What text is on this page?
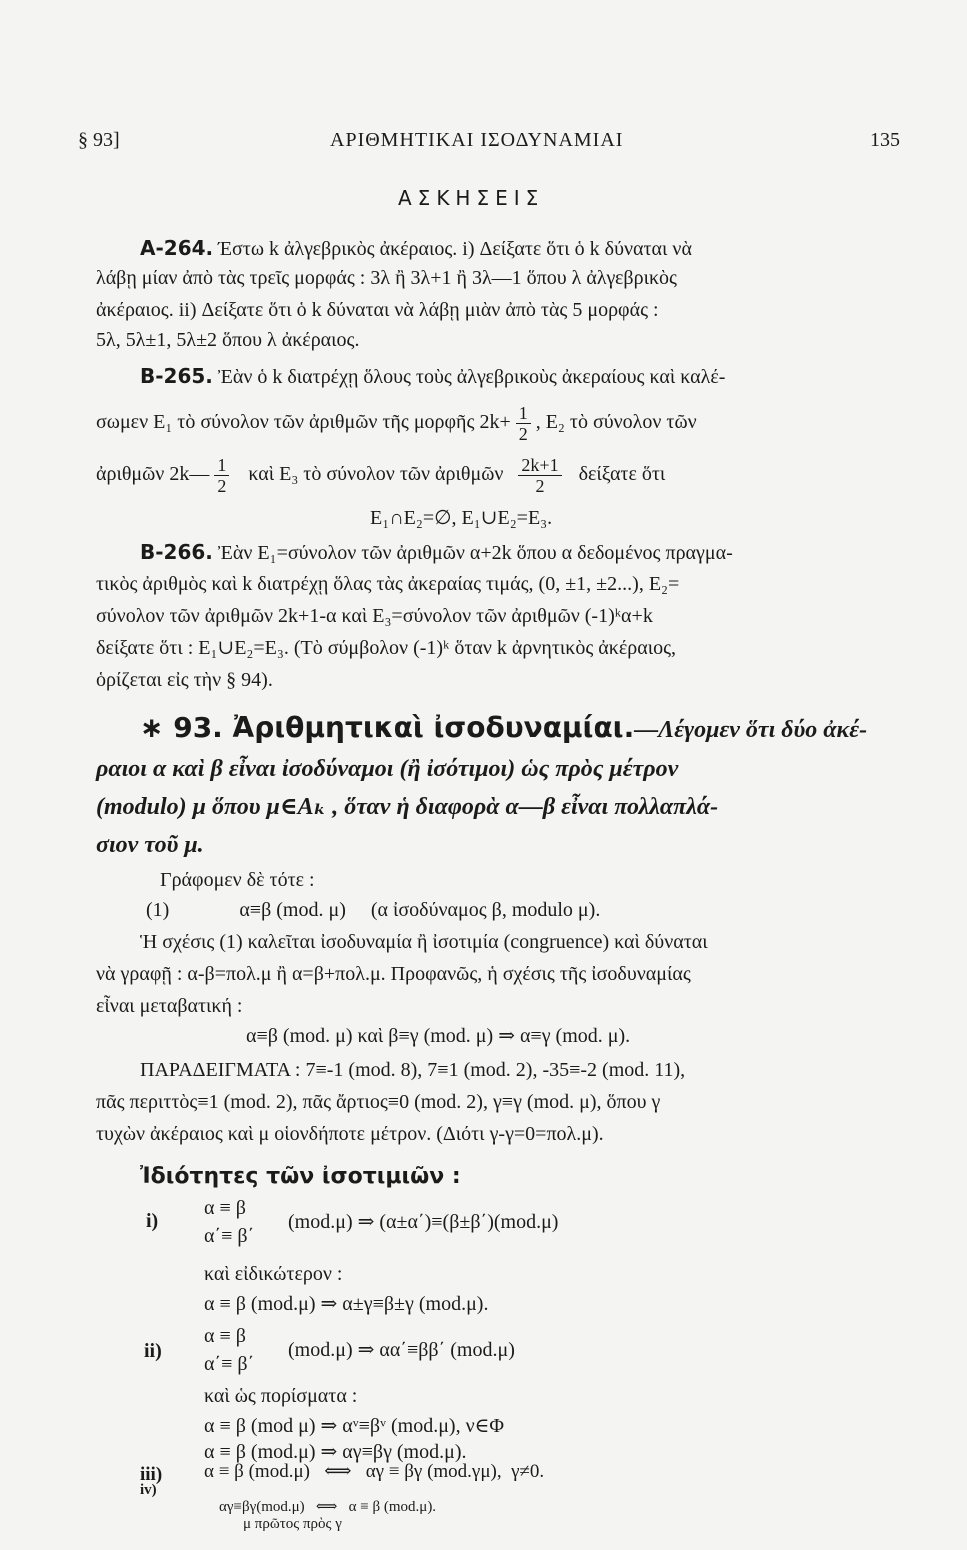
§ 93]	ΑΡΙΘΜΗΤΙΚΑΙ ΙΣΟΔΥΝΑΜΙΑΙ	135
ΑΣΚΗΣΕΙΣ
Α-264. Έστω k ἀλγεβρικὸς ἀκέραιος. i) Δείξατε ὅτι ὁ k δύναται νὰ
λάβῃ μίαν ἀπὸ τὰς τρεῖς μορφάς : 3λ ἢ 3λ+1 ἢ 3λ—1 ὅπου λ ἀλγεβρικὸς
ἀκέραιος. ii) Δείξατε ὅτι ὁ k δύναται νὰ λάβῃ μιὰν ἀπὸ τὰς 5 μορφάς :
5λ, 5λ±1, 5λ±2 ὅπου λ ἀκέραιος.
Β-265. Ἐὰν ὁ k διατρέχῃ ὅλους τοὺς ἀλγεβρικοὺς ἀκεραίους καὶ καλέ-
σωμεν E₁ τὸ σύνολον τῶν ἀριθμῶν τῆς μορφῆς $2k+ \frac{1}{2}$ , E₂ τὸ σύνολον τῶν
ἀριθμῶν 2k— $\frac{1}{2}$ καὶ E₃ τὸ σύνολον τῶν ἀριθμῶν $\frac{2k+1}{2}$ δείξατε ὅτι
E₁∩E₂=∅, E₁∪E₂=E₃.
Β-266. Ἐὰν E₁=σύνολον τῶν ἀριθμῶν α+2k ὅπου α δεδομένος πραγμα-
τικὸς ἀριθμὸς καὶ k διατρέχῃ ὅλας τὰς ἀκεραίας τιμάς, (0, ±1, ±2...), E₂=
σύνολον τῶν ἀριθμῶν 2k+1-α καὶ E₃=σύνολον τῶν ἀριθμῶν (-1)ᵏα+k
δείξατε ὅτι : E₁∪E₂=E₃. (Τὸ σύμβολον (-1)ᵏ ὅταν k ἀρνητικὸς ἀκέραιος,
ὁρίζεται εἰς τὴν § 94).
∗ 93. Ἀριθμητικαὶ ἰσοδυναμίαι.—Λέγομεν ὅτι δύο ἀκέ-
ραιοι α καὶ β εἶναι ἰσοδύναμοι (ἢ ἰσότιμοι) ὡς πρὸς μέτρον
(modulo) μ ὅπου μ∈Aₖ , ὅταν ἡ διαφορὰ α—β εἶναι πολλαπλά-
σιον τοῦ μ.
Γράφομεν δὲ τότε :
(1)              α≡β (mod. μ)     (α ἰσοδύναμος β, modulo μ).
Ἡ σχέσις (1) καλεῖται ἰσοδυναμία ἢ ἰσοτιμία (congruence) καὶ δύναται
νὰ γραφῇ : α-β=πολ.μ ἢ α=β+πολ.μ. Προφανῶς, ἡ σχέσις τῆς ἰσοδυναμίας
εἶναι μεταβατική :
α≡β (mod. μ) καὶ β≡γ (mod. μ) ⇒ α≡γ (mod. μ).
ΠΑΡΑΔΕΙΓΜΑΤΑ : 7≡-1 (mod. 8), 7≡1 (mod. 2), -35≡-2 (mod. 11),
πᾶς περιττὸς≡1 (mod. 2), πᾶς ἄρτιος≡0 (mod. 2), γ≡γ (mod. μ), ὅπου γ
τυχὼν ἀκέραιος καὶ μ οἱονδήποτε μέτρον. (Διότι γ-γ=0=πολ.μ).
Ἰδιότητες τῶν ἰσοτιμιῶν :
i)
α ≡ β
α΄≡ β΄
(mod.μ) ⇒ (α±α΄)≡(β±β΄)(mod.μ)
καὶ εἰδικώτερον :
α ≡ β (mod.μ) ⇒ α±γ≡β±γ (mod.μ).
ii)
α ≡ β
α΄≡ β΄
(mod.μ) ⇒ αα΄≡ββ΄ (mod.μ)
καὶ ὡς πορίσματα :
α ≡ β (mod μ) ⇒ αᵛ≡βᵛ (mod.μ), ν∈Φ
α ≡ β (mod.μ) ⇒ αγ≡βγ (mod.μ).
iii) α ≡ β (mod.μ)   ⟺   αγ ≡ βγ (mod.γμ),  γ≠0.
iv)

αγ≡βγ(mod.μ)   ⟺   α ≡ β (mod.μ).
μ πρῶτος πρὸς γ
